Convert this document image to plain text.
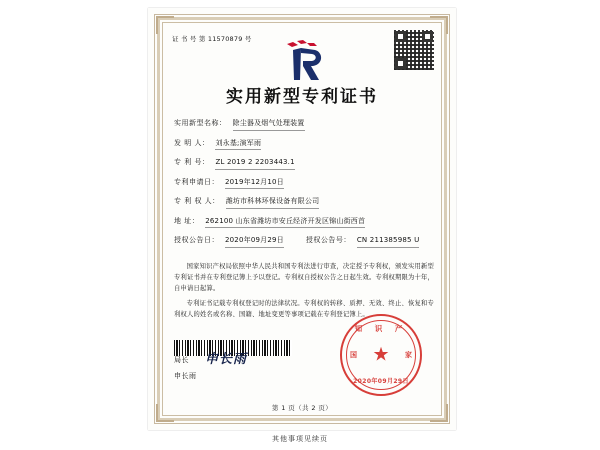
证 书 号 第 11570879 号
实用新型专利证书
实用新型名称： 除尘器及烟气处理装置
发 明 人： 刘永基;演军雨
专 利 号： ZL 2019 2 2203443.1
专利申请日： 2019年12月10日
专 利 权 人： 潍坊市科林环保设备有限公司
地 址： 262100 山东省潍坊市安丘经济开发区锦山街西首
授权公告日： 2020年09月29日	授权公告号： CN 211385985 U

国家知识产权局依照中华人民共和国专利法进行审查，决定授予专利权，颁发实用新型专利证书并在专利登记簿上予以登记。专利权自授权公告之日起生效。专利权期限为十年，自申请日起算。

专利证书记载专利权登记时的法律状况。专利权的转移、质押、无效、终止、恢复和专利权人的姓名或名称、国籍、地址变更等事项记载在专利登记簿上。

局长 申长雨
申长雨
知 识 产
国	家
★
2020年09月29日
第 1 页（共 2 页）
其他事项见续页
